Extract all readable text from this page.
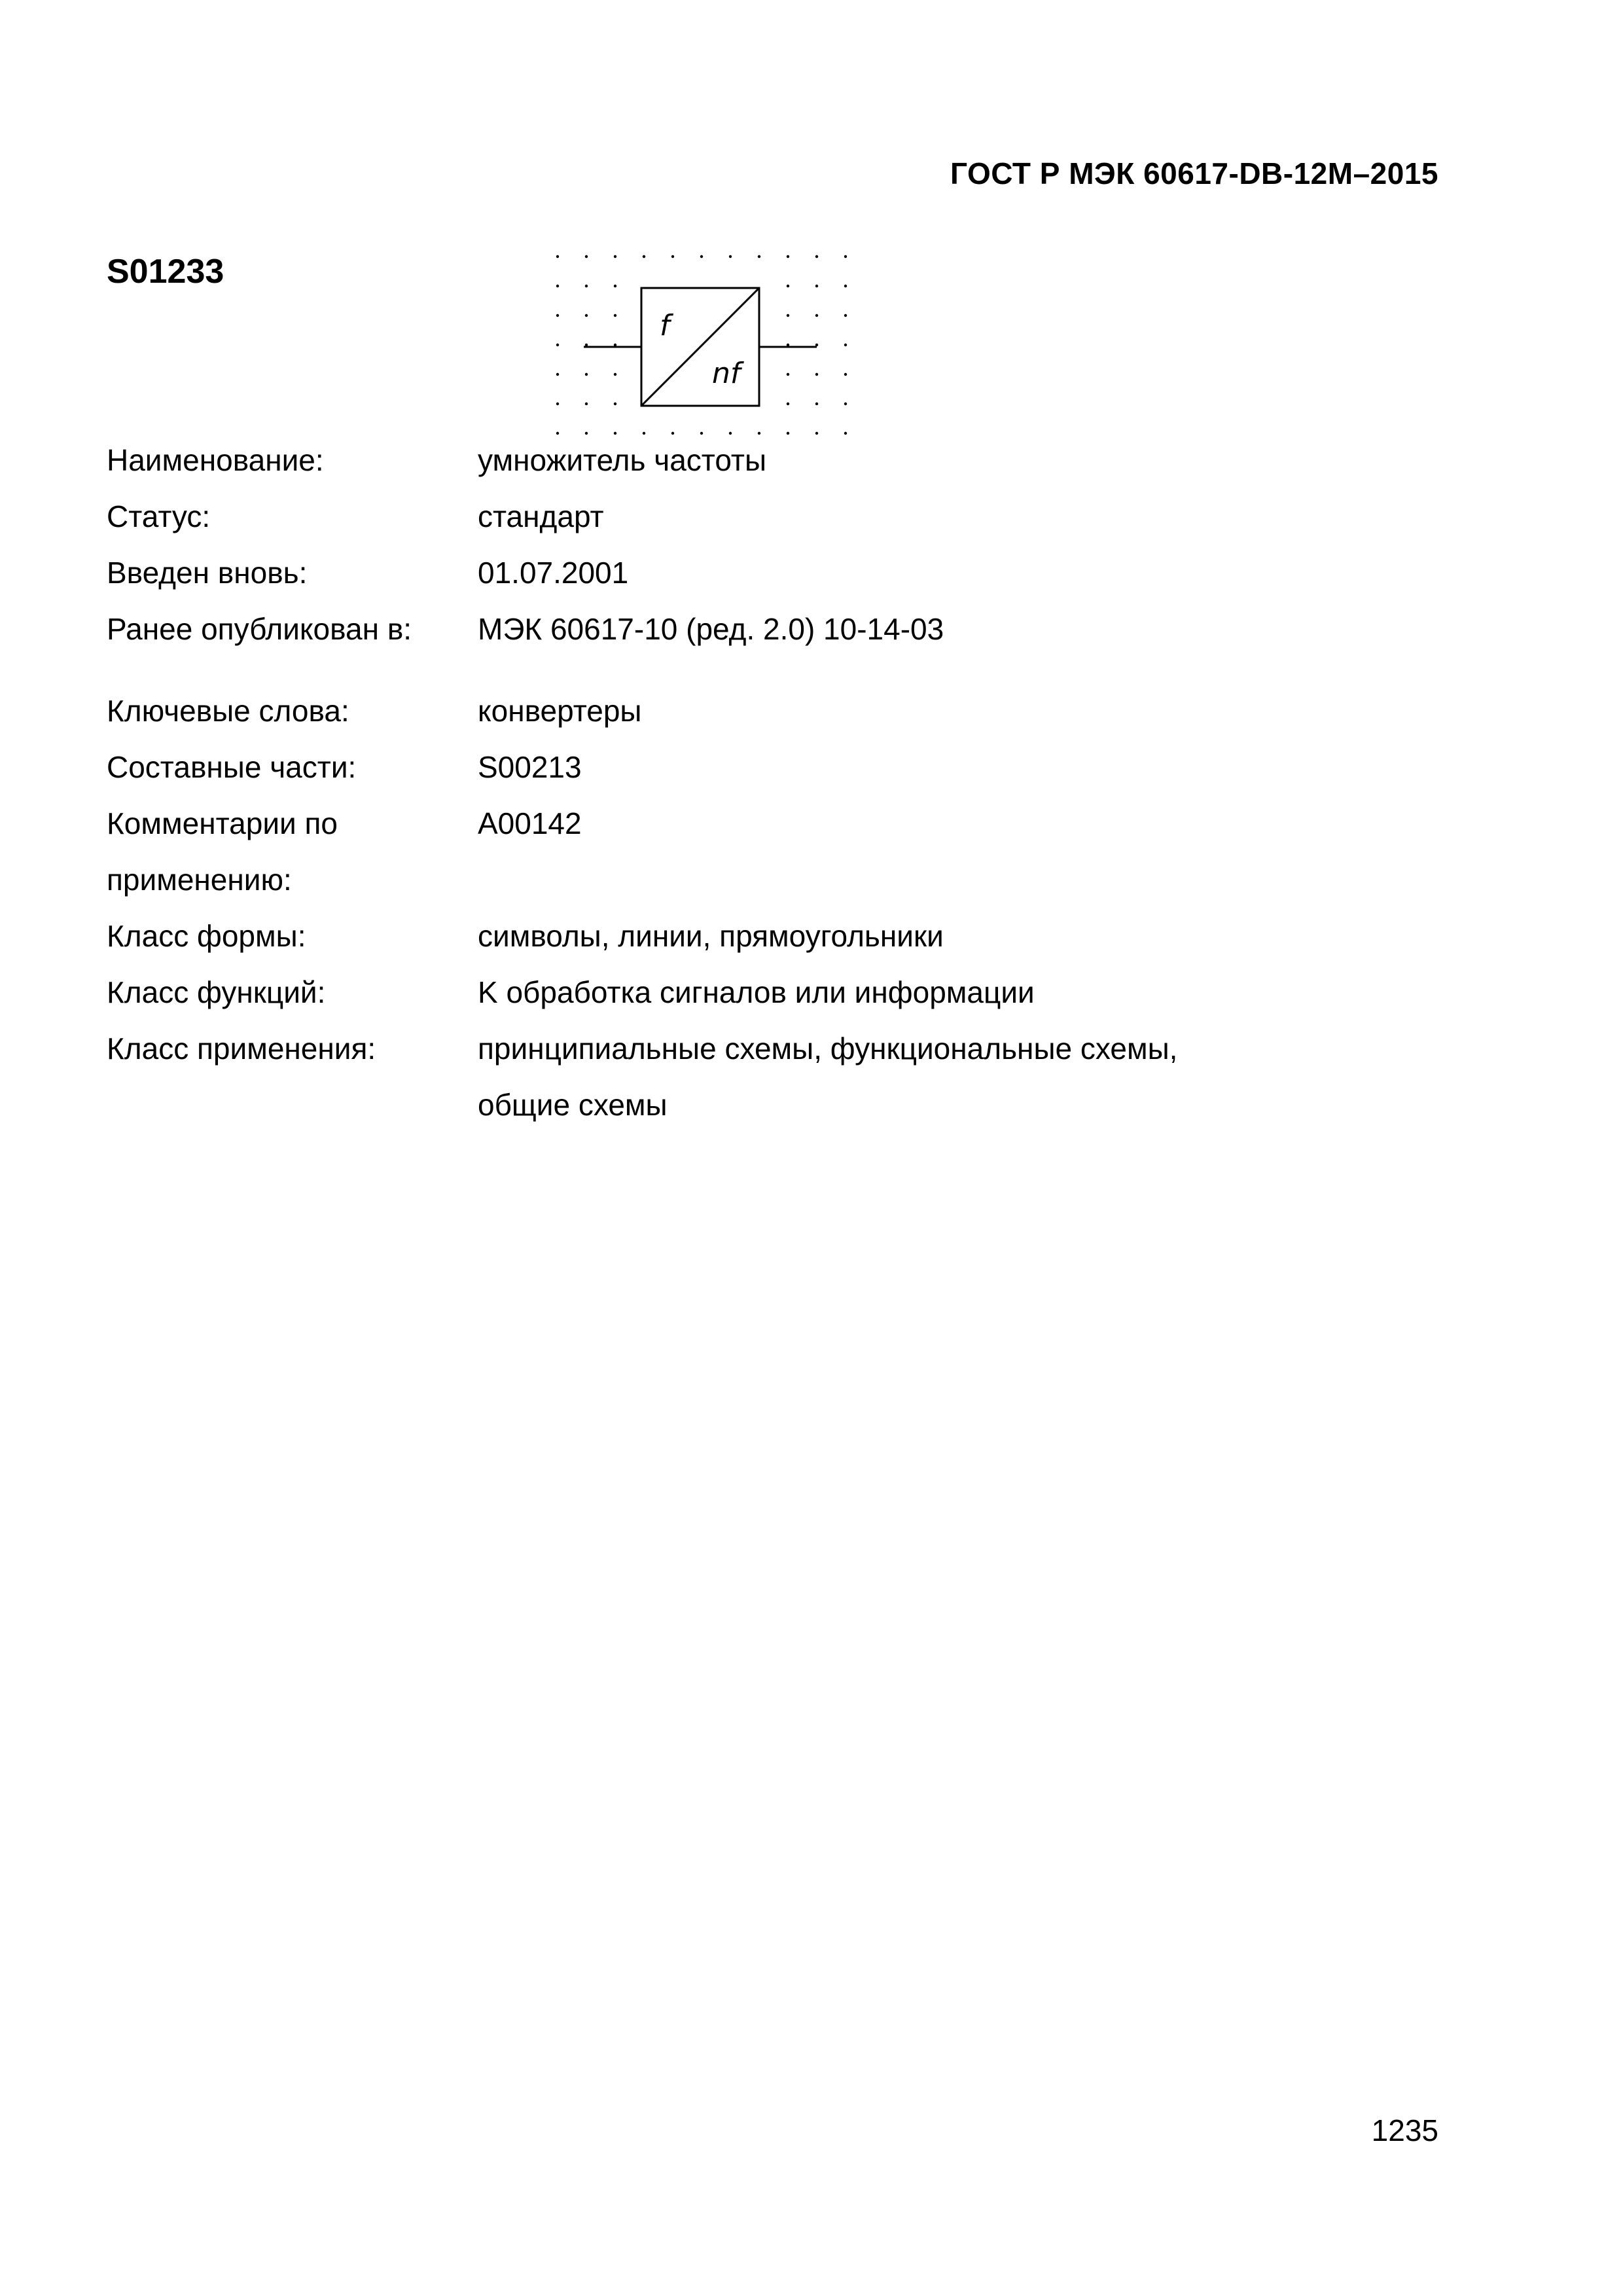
ГОСТ Р МЭК 60617-DB-12M–2015
S01233
f
nf
Наименование:	умножитель частоты
Статус:	стандарт
Введен вновь:	01.07.2001
Ранее опубликован в: МЭК 60617-10 (ред. 2.0) 10-14-03
Ключевые слова:	конвертеры
Составные части:	S00213
Комментарии по	A00142
применению:
Класс формы:	символы, линии, прямоугольники
Класс функций:	K обработка сигналов или информации
Класс применения:	принципиальные схемы, функциональные схемы,
общие схемы
1235
